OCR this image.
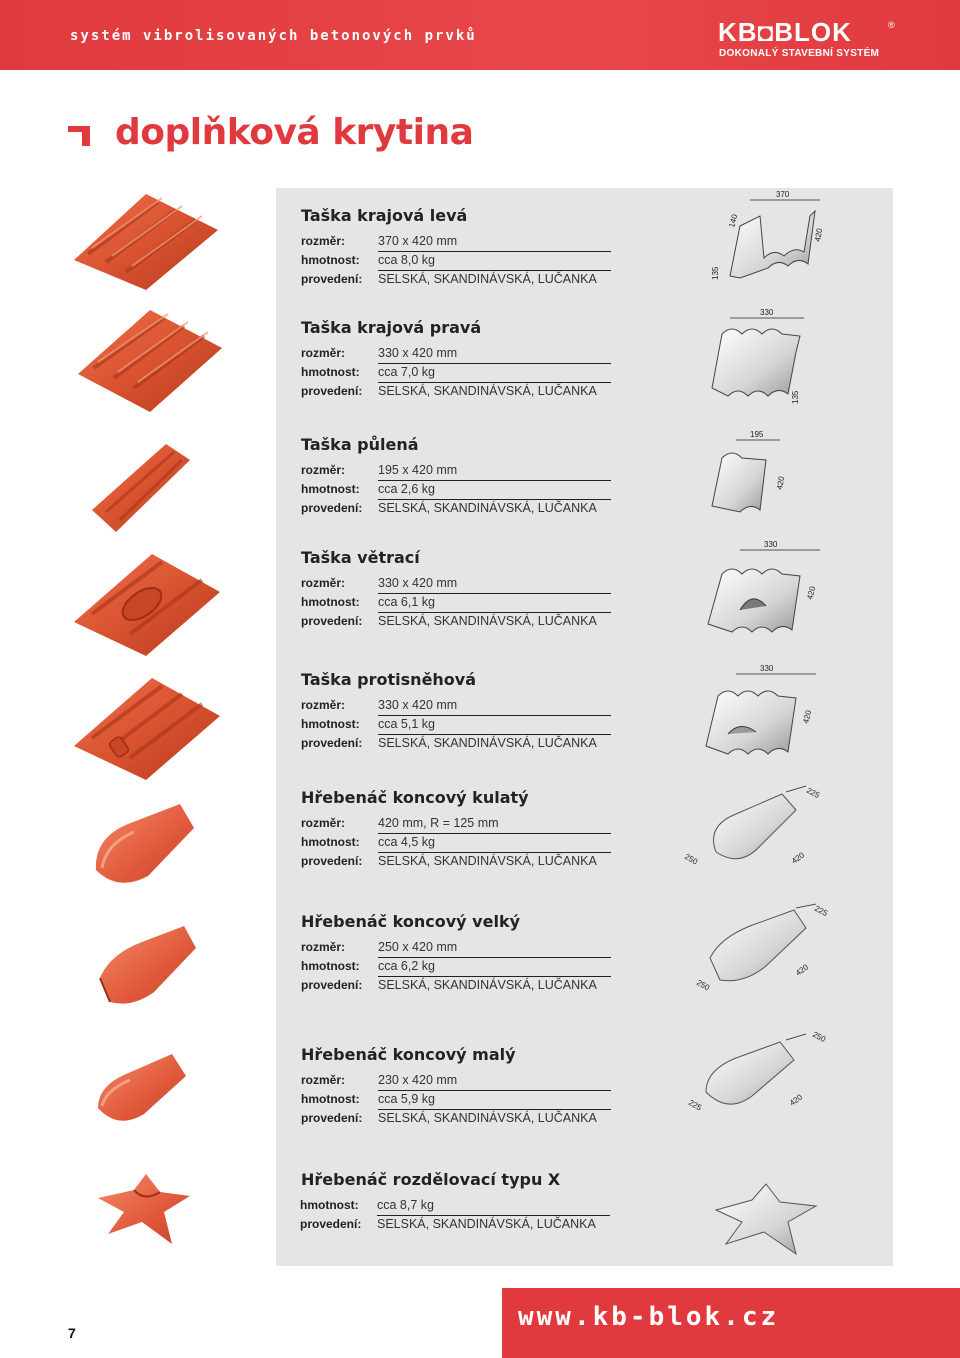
systém vibrolisovaných betonových prvků	KB◘BLOK	®
DOKONALÝ STAVEBNÍ SYSTÉM
doplňková krytina
Taška krajová levá
rozměr:	370 x 420 mm
hmotnost: cca 8,0 kg
provedení: SELSKÁ, SKANDINÁVSKÁ, LUČANKA
370
140
420
135
Taška krajová pravá
rozměr:	330 x 420 mm
hmotnost: cca 7,0 kg
provedení: SELSKÁ, SKANDINÁVSKÁ, LUČANKA
330
135
Taška půlená
rozměr:	195 x 420 mm
hmotnost: cca 2,6 kg
provedení: SELSKÁ, SKANDINÁVSKÁ, LUČANKA
195
420
Taška větrací
rozměr:	330 x 420 mm
hmotnost: cca 6,1 kg
provedení: SELSKÁ, SKANDINÁVSKÁ, LUČANKA
330
420
Taška protisněhová
rozměr:	330 x 420 mm
hmotnost: cca 5,1 kg
provedení: SELSKÁ, SKANDINÁVSKÁ, LUČANKA
330
420
Hřebenáč koncový kulatý
rozměr:	420 mm, R = 125 mm
hmotnost: cca 4,5 kg
provedení: SELSKÁ, SKANDINÁVSKÁ, LUČANKA
225
250	420
Hřebenáč koncový velký
rozměr:	250 x 420 mm
hmotnost: cca 6,2 kg
provedení: SELSKÁ, SKANDINÁVSKÁ, LUČANKA
225
250
420
Hřebenáč koncový malý
rozměr:	230 x 420 mm
hmotnost: cca 5,9 kg
provedení: SELSKÁ, SKANDINÁVSKÁ, LUČANKA
250
225	420
Hřebenáč rozdělovací typu X
hmotnost: cca 8,7 kg
provedení: SELSKÁ, SKANDINÁVSKÁ, LUČANKA
www.kb-blok.cz
7
